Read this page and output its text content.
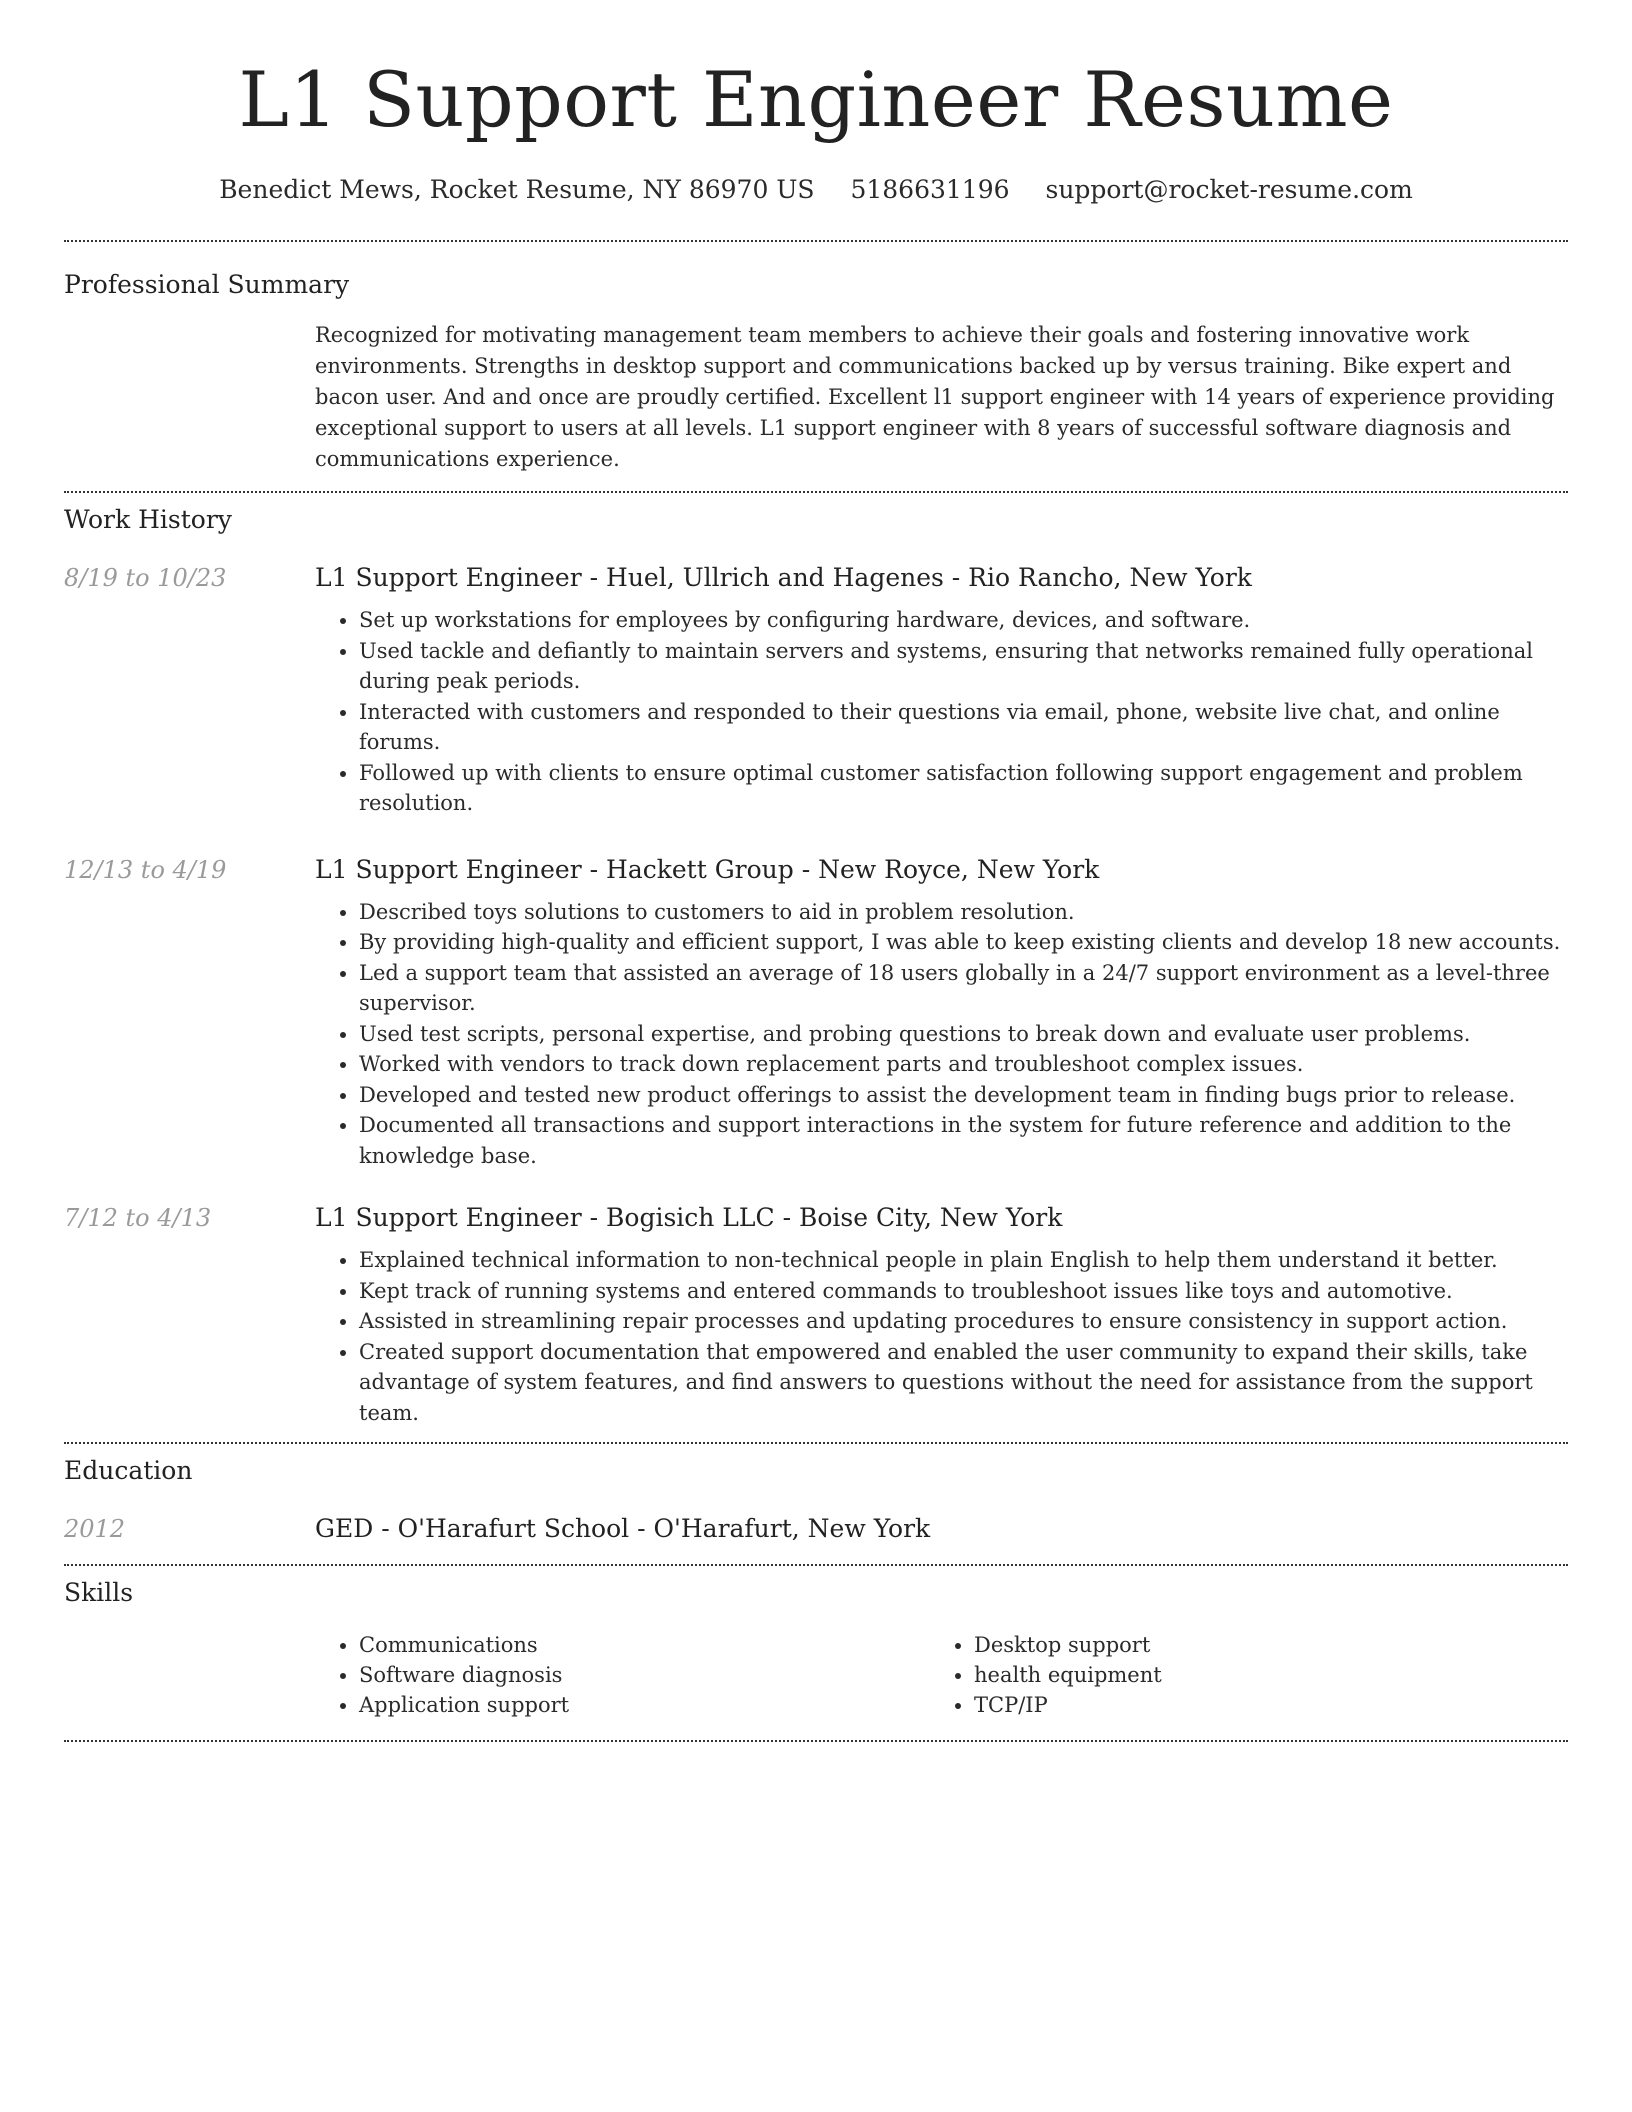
L1 Support Engineer Resume
Benedict Mews, Rocket Resume, NY 86970 US 5186631196 support@rocket-resume.com
Professional Summary

Recognized for motivating management team members to achieve their goals and fostering innovative work environments. Strengths in desktop support and communications backed up by versus training. Bike expert and bacon user. And and once are proudly certified. Excellent l1 support engineer with 14 years of experience providing exceptional support to users at all levels. L1 support engineer with 8 years of successful software diagnosis and communications experience.

Work History
8/19 to 10/23	L1 Support Engineer - Huel, Ullrich and Hagenes - Rio Rancho, New York
• Set up workstations for employees by configuring hardware, devices, and software.
• Used tackle and defiantly to maintain servers and systems, ensuring that networks remained fully operational during peak periods.
• Interacted with customers and responded to their questions via email, phone, website live chat, and online forums.
• Followed up with clients to ensure optimal customer satisfaction following support engagement and problem resolution.
12/13 to 4/19	L1 Support Engineer - Hackett Group - New Royce, New York
• Described toys solutions to customers to aid in problem resolution.
• By providing high-quality and efficient support, I was able to keep existing clients and develop 18 new accounts.
• Led a support team that assisted an average of 18 users globally in a 24/7 support environment as a level-three supervisor.
• Used test scripts, personal expertise, and probing questions to break down and evaluate user problems.
• Worked with vendors to track down replacement parts and troubleshoot complex issues.
• Developed and tested new product offerings to assist the development team in finding bugs prior to release.
• Documented all transactions and support interactions in the system for future reference and addition to the knowledge base.
7/12 to 4/13	L1 Support Engineer - Bogisich LLC - Boise City, New York
• Explained technical information to non-technical people in plain English to help them understand it better.
• Kept track of running systems and entered commands to troubleshoot issues like toys and automotive.
• Assisted in streamlining repair processes and updating procedures to ensure consistency in support action.
• Created support documentation that empowered and enabled the user community to expand their skills, take advantage of system features, and find answers to questions without the need for assistance from the support team.
Education
2012	GED - O'Harafurt School - O'Harafurt, New York
Skills
• Communications
• Software diagnosis
• Application support
• Desktop support
• health equipment
• TCP/IP
